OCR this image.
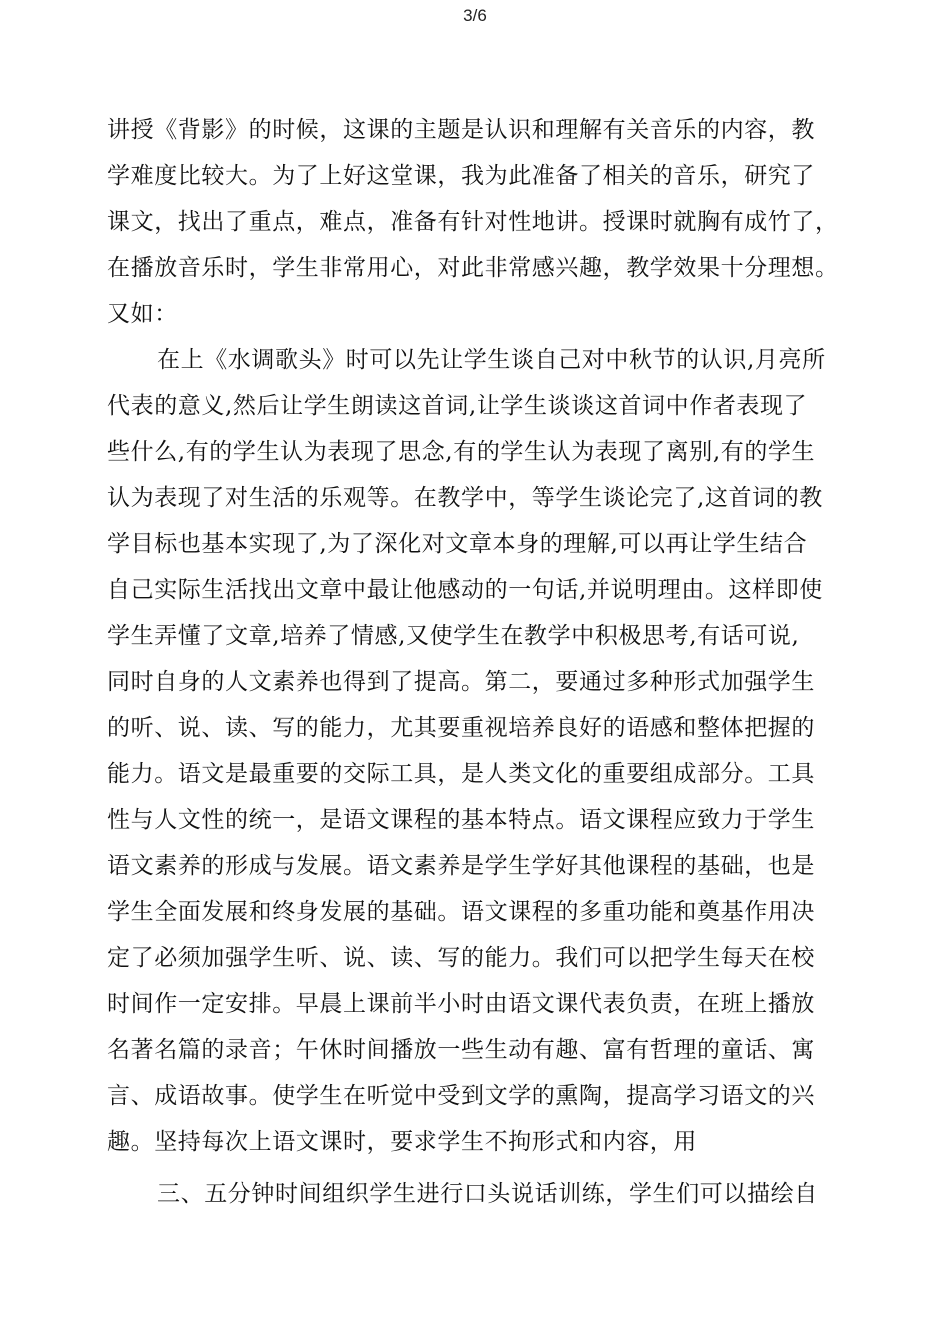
3/6
讲授《背影》的时候，这课的主题是认识和理解有关音乐的内容，教
学难度比较大。为了上好这堂课，我为此准备了相关的音乐，研究了
课文，找出了重点，难点，准备有针对性地讲。授课时就胸有成竹了，
在播放音乐时，学生非常用心，对此非常感兴趣，教学效果十分理想。
又如：
在上《水调歌头》时可以先让学生谈自己对中秋节的认识,月亮所
代表的意义,然后让学生朗读这首词,让学生谈谈这首词中作者表现了
些什么,有的学生认为表现了思念,有的学生认为表现了离别,有的学生
认为表现了对生活的乐观等。在教学中，等学生谈论完了,这首词的教
学目标也基本实现了,为了深化对文章本身的理解,可以再让学生结合
自己实际生活找出文章中最让他感动的一句话,并说明理由。这样即使
学生弄懂了文章,培养了情感,又使学生在教学中积极思考,有话可说,
同时自身的人文素养也得到了提高。第二，要通过多种形式加强学生
的听、说、读、写的能力，尤其要重视培养良好的语感和整体把握的
能力。语文是最重要的交际工具，是人类文化的重要组成部分。工具
性与人文性的统一，是语文课程的基本特点。语文课程应致力于学生
语文素养的形成与发展。语文素养是学生学好其他课程的基础，也是
学生全面发展和终身发展的基础。语文课程的多重功能和奠基作用决
定了必须加强学生听、说、读、写的能力。我们可以把学生每天在校
时间作一定安排。早晨上课前半小时由语文课代表负责，在班上播放
名著名篇的录音；午休时间播放一些生动有趣、富有哲理的童话、寓
言、成语故事。使学生在听觉中受到文学的熏陶，提高学习语文的兴
趣。坚持每次上语文课时，要求学生不拘形式和内容，用
三、五分钟时间组织学生进行口头说话训练，学生们可以描绘自
